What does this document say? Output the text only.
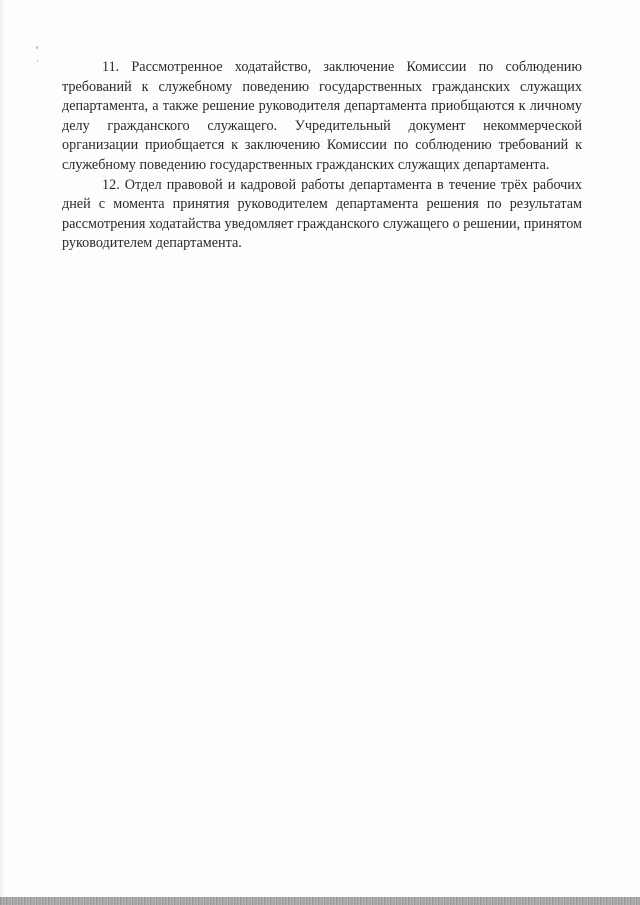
11. Рассмотренное ходатайство, заключение Комиссии по соблюдению требований к служебному поведению государственных гражданских служащих департамента, а также решение руководителя департамента приобщаются к личному делу гражданского служащего. Учредительный документ некоммерческой организации приобщается к заключению Комиссии по соблюдению требований к служебному поведению государственных гражданских служащих департамента.

12. Отдел правовой и кадровой работы департамента в течение трёх рабочих дней с момента принятия руководителем департамента решения по результатам рассмотрения ходатайства уведомляет гражданского служащего о решении, принятом руководителем департамента.
